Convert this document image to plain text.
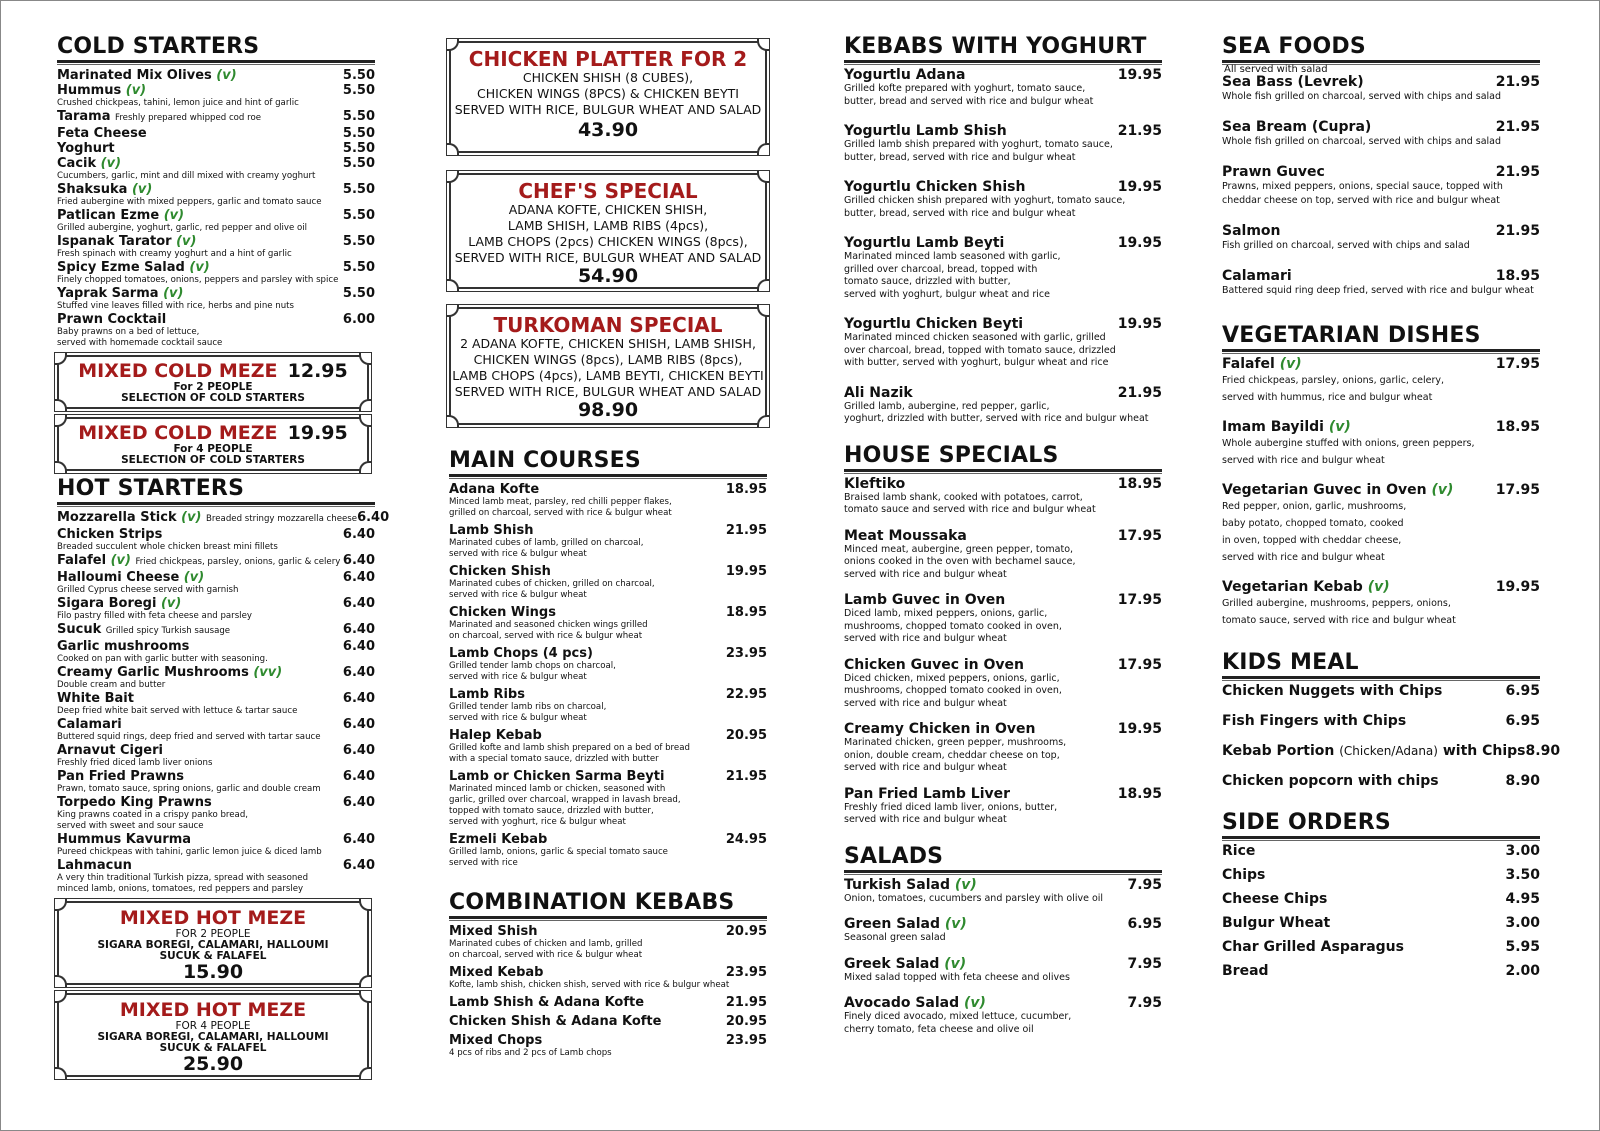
COLD STARTERS
Marinated Mix Olives (v)	5.50
Hummus (v)	5.50
Crushed chickpeas, tahini, lemon juice and hint of garlic
Tarama Freshly prepared whipped cod roe	5.50
Feta Cheese	5.50
Yoghurt	5.50
Cacik (v)	5.50
Cucumbers, garlic, mint and dill mixed with creamy yoghurt
Shaksuka (v)	5.50
Fried aubergine with mixed peppers, garlic and tomato sauce
Patlican Ezme (v)	5.50
Grilled aubergine, yoghurt, garlic, red pepper and olive oil
Ispanak Tarator (v)	5.50
Fresh spinach with creamy yoghurt and a hint of garlic
Spicy Ezme Salad (v)	5.50
Finely chopped tomatoes, onions, peppers and parsley with spice
Yaprak Sarma (v)	5.50
Stuffed vine leaves filled with rice, herbs and pine nuts
Prawn Cocktail	6.00
Baby prawns on a bed of lettuce,
served with homemade cocktail sauce
MIXED COLD MEZE 12.95
For 2 PEOPLE
SELECTION OF COLD STARTERS
MIXED COLD MEZE 19.95
For 4 PEOPLE
SELECTION OF COLD STARTERS
HOT STARTERS
Mozzarella Stick (v) Breaded stringy mozzarella cheese 6.40
Chicken Strips	6.40
Breaded succulent whole chicken breast mini fillets
Falafel (v) Fried chickpeas, parsley, onions, garlic & celery 6.40
Halloumi Cheese (v)	6.40
Grilled Cyprus cheese served with garnish
Sigara Boregi (v)	6.40
Filo pastry filled with feta cheese and parsley
Sucuk Grilled spicy Turkish sausage	6.40
Garlic mushrooms	6.40
Cooked on pan with garlic butter with seasoning.
Creamy Garlic Mushrooms (vv)	6.40
Double cream and butter
White Bait	6.40
Deep fried white bait served with lettuce & tartar sauce
Calamari	6.40
Buttered squid rings, deep fried and served with tartar sauce
Arnavut Cigeri	6.40
Freshly fried diced lamb liver onions
Pan Fried Prawns	6.40
Prawn, tomato sauce, spring onions, garlic and double cream
Torpedo King Prawns	6.40
King prawns coated in a crispy panko bread,
served with sweet and sour sauce
Hummus Kavurma	6.40
Pureed chickpeas with tahini, garlic lemon juice & diced lamb
Lahmacun	6.40
A very thin traditional Turkish pizza, spread with seasoned
minced lamb, onions, tomatoes, red peppers and parsley
MIXED HOT MEZE
FOR 2 PEOPLE
SIGARA BOREGI, CALAMARI, HALLOUMI
SUCUK & FALAFEL
15.90
MIXED HOT MEZE
FOR 4 PEOPLE
SIGARA BOREGI, CALAMARI, HALLOUMI
SUCUK & FALAFEL
25.90
CHICKEN PLATTER FOR 2
CHICKEN SHISH (8 CUBES),
CHICKEN WINGS (8PCS) & CHICKEN BEYTI
SERVED WITH RICE, BULGUR WHEAT AND SALAD
43.90
CHEF'S SPECIAL
ADANA KOFTE, CHICKEN SHISH,
LAMB SHISH, LAMB RIBS (4pcs),
LAMB CHOPS (2pcs) CHICKEN WINGS (8pcs),
SERVED WITH RICE, BULGUR WHEAT AND SALAD
54.90
TURKOMAN SPECIAL
2 ADANA KOFTE, CHICKEN SHISH, LAMB SHISH,
CHICKEN WINGS (8pcs), LAMB RIBS (8pcs),
LAMB CHOPS (4pcs), LAMB BEYTI, CHICKEN BEYTI
SERVED WITH RICE, BULGUR WHEAT AND SALAD
98.90
MAIN COURSES
Adana Kofte	18.95
Minced lamb meat, parsley, red chilli pepper flakes,
grilled on charcoal, served with rice & bulgur wheat
Lamb Shish	21.95
Marinated cubes of lamb, grilled on charcoal,
served with rice & bulgur wheat
Chicken Shish	19.95
Marinated cubes of chicken, grilled on charcoal,
served with rice & bulgur wheat
Chicken Wings	18.95
Marinated and seasoned chicken wings grilled
on charcoal, served with rice & bulgur wheat
Lamb Chops (4 pcs)	23.95
Grilled tender lamb chops on charcoal,
served with rice & bulgur wheat
Lamb Ribs	22.95
Grilled tender lamb ribs on charcoal,
served with rice & bulgur wheat
Halep Kebab	20.95
Grilled kofte and lamb shish prepared on a bed of bread
with a special tomato sauce, drizzled with butter
Lamb or Chicken Sarma Beyti	21.95
Marinated minced lamb or chicken, seasoned with
garlic, grilled over charcoal, wrapped in lavash bread,
topped with tomato sauce, drizzled with butter,
served with yoghurt, rice & bulgur wheat
Ezmeli Kebab	24.95
Grilled lamb, onions, garlic & special tomato sauce
served with rice
COMBINATION KEBABS
Mixed Shish	20.95
Marinated cubes of chicken and lamb, grilled
on charcoal, served with rice & bulgur wheat
Mixed Kebab	23.95
Kofte, lamb shish, chicken shish, served with rice & bulgur wheat
Lamb Shish & Adana Kofte	21.95
Chicken Shish & Adana Kofte	20.95
Mixed Chops	23.95
4 pcs of ribs and 2 pcs of Lamb chops
KEBABS WITH YOGHURT
Yogurtlu Adana	19.95
Grilled kofte prepared with yoghurt, tomato sauce,
butter, bread and served with rice and bulgur wheat
Yogurtlu Lamb Shish	21.95
Grilled lamb shish prepared with yoghurt, tomato sauce,
butter, bread, served with rice and bulgur wheat
Yogurtlu Chicken Shish	19.95
Grilled chicken shish prepared with yoghurt, tomato sauce,
butter, bread, served with rice and bulgur wheat
Yogurtlu Lamb Beyti	19.95
Marinated minced lamb seasoned with garlic,
grilled over charcoal, bread, topped with
tomato sauce, drizzled with butter,
served with yoghurt, bulgur wheat and rice
Yogurtlu Chicken Beyti	19.95
Marinated minced chicken seasoned with garlic, grilled
over charcoal, bread, topped with tomato sauce, drizzled
with butter, served with yoghurt, bulgur wheat and rice
Ali Nazik	21.95
Grilled lamb, aubergine, red pepper, garlic,
yoghurt, drizzled with butter, served with rice and bulgur wheat
HOUSE SPECIALS
Kleftiko	18.95
Braised lamb shank, cooked with potatoes, carrot,
tomato sauce and served with rice and bulgur wheat
Meat Moussaka	17.95
Minced meat, aubergine, green pepper, tomato,
onions cooked in the oven with bechamel sauce,
served with rice and bulgur wheat
Lamb Guvec in Oven	17.95
Diced lamb, mixed peppers, onions, garlic,
mushrooms, chopped tomato cooked in oven,
served with rice and bulgur wheat
Chicken Guvec in Oven	17.95
Diced chicken, mixed peppers, onions, garlic,
mushrooms, chopped tomato cooked in oven,
served with rice and bulgur wheat
Creamy Chicken in Oven	19.95
Marinated chicken, green pepper, mushrooms,
onion, double cream, cheddar cheese on top,
served with rice and bulgur wheat
Pan Fried Lamb Liver	18.95
Freshly fried diced lamb liver, onions, butter,
served with rice and bulgur wheat
SALADS
Turkish Salad (v)	7.95
Onion, tomatoes, cucumbers and parsley with olive oil
Green Salad (v)	6.95
Seasonal green salad
Greek Salad (v)	7.95
Mixed salad topped with feta cheese and olives
Avocado Salad (v)	7.95
Finely diced avocado, mixed lettuce, cucumber,
cherry tomato, feta cheese and olive oil
SEA FOODS
All served with salad
Sea Bass (Levrek)	21.95
Whole fish grilled on charcoal, served with chips and salad
Sea Bream (Cupra)	21.95
Whole fish grilled on charcoal, served with chips and salad
Prawn Guvec	21.95
Prawns, mixed peppers, onions, special sauce, topped with
cheddar cheese on top, served with rice and bulgur wheat
Salmon	21.95
Fish grilled on charcoal, served with chips and salad
Calamari	18.95
Battered squid ring deep fried, served with rice and bulgur wheat
VEGETARIAN DISHES
Falafel (v)	17.95
Fried chickpeas, parsley, onions, garlic, celery,
served with hummus, rice and bulgur wheat
Imam Bayildi (v)	18.95
Whole aubergine stuffed with onions, green peppers,
served with rice and bulgur wheat
Vegetarian Guvec in Oven (v)	17.95
Red pepper, onion, garlic, mushrooms,
baby potato, chopped tomato, cooked
in oven, topped with cheddar cheese,
served with rice and bulgur wheat
Vegetarian Kebab (v)	19.95
Grilled aubergine, mushrooms, peppers, onions,
tomato sauce, served with rice and bulgur wheat
KIDS MEAL
Chicken Nuggets with Chips	6.95
Fish Fingers with Chips	6.95
Kebab Portion (Chicken/Adana) with Chips 8.90
Chicken popcorn with chips	8.90
SIDE ORDERS
Rice	3.00
Chips	3.50
Cheese Chips	4.95
Bulgur Wheat	3.00
Char Grilled Asparagus	5.95
Bread	2.00
